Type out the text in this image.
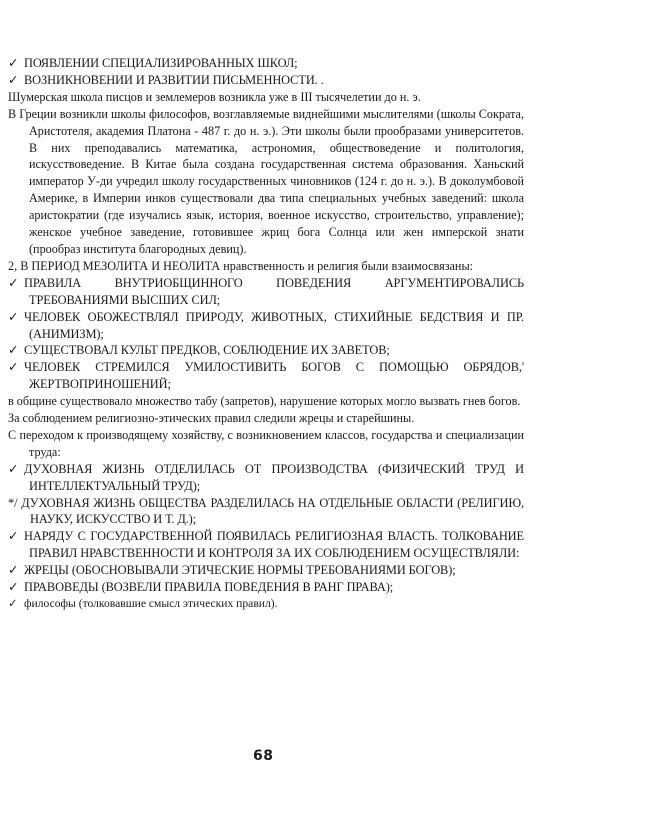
✓ ПОЯВЛЕНИИ СПЕЦИАЛИЗИРОВАННЫХ ШКОЛ;

✓ ВОЗНИКНОВЕНИИ И РАЗВИТИИ ПИСЬМЕННОСТИ. .

Шумерская школа писцов и землемеров возникла уже в III тысячелетии до н. э.

В Греции возникли школы философов, возглавляемые виднейшими мыслителями (школы Сократа, Аристотеля, академия Платона - 487 г. до н. э.). Эти школы были прообразами университетов. В них преподавались математика, астрономия, обществоведение и политология, искусствоведение. В Китае была создана государственная система образования. Ханьский император У-ди учредил школу государственных чиновников (124 г. до н. э.). В доколумбовой Америке, в Империи инков существовали два типа специальных учебных заведений: школа аристократии (где изучались язык, история, военное искусство, строительство, управление); женское учебное заведение, готовившее жриц бога Солнца или жен имперской знати (прообраз института благородных девиц).

2, В ПЕРИОД МЕЗОЛИТА И НЕОЛИТА нравственность и религия были взаимосвязаны:

✓ ПРАВИЛА ВНУТРИОБЩИННОГО ПОВЕДЕНИЯ АРГУМЕНТИРОВАЛИСЬ ТРЕБОВАНИЯМИ ВЫСШИХ СИЛ;

✓ ЧЕЛОВЕК ОБОЖЕСТВЛЯЛ ПРИРОДУ, ЖИВОТНЫХ, СТИХИЙНЫЕ БЕДСТВИЯ И ПР. (АНИМИЗМ);

✓ СУЩЕСТВОВАЛ КУЛЬТ ПРЕДКОВ, СОБЛЮДЕНИЕ ИХ ЗАВЕТОВ;

✓ ЧЕЛОВЕК СТРЕМИЛСЯ УМИЛОСТИВИТЬ БОГОВ С ПОМОЩЬЮ ОБРЯДОВ,' ЖЕРТВОПРИНОШЕНИЙ;

в общине существовало множество табу (запретов), нарушение которых могло вызвать гнев богов.

За соблюдением религиозно-этических правил следили жрецы и старейшины.

С переходом к производящему хозяйству, с возникновением классов, государства и специализации труда:

✓ ДУХОВНАЯ ЖИЗНЬ ОТДЕЛИЛАСЬ ОТ ПРОИЗВОДСТВА (ФИЗИЧЕСКИЙ ТРУД И ИНТЕЛЛЕКТУАЛЬНЫЙ ТРУД);

*/ ДУХОВНАЯ ЖИЗНЬ ОБЩЕСТВА РАЗДЕЛИЛАСЬ НА ОТДЕЛЬНЫЕ ОБЛАСТИ (РЕЛИГИЮ, НАУКУ, ИСКУССТВО И Т. Д.);

✓ НАРЯДУ С ГОСУДАРСТВЕННОЙ ПОЯВИЛАСЬ РЕЛИГИОЗНАЯ ВЛАСТЬ. ТОЛКОВАНИЕ ПРАВИЛ НРАВСТВЕННОСТИ И КОНТРОЛЯ ЗА ИХ СОБЛЮДЕНИЕМ ОСУЩЕСТВЛЯЛИ:

✓ ЖРЕЦЫ (ОБОСНОВЫВАЛИ ЭТИЧЕСКИЕ НОРМЫ ТРЕБОВАНИЯМИ БОГОВ);

✓ ПРАВОВЕДЫ (ВОЗВЕЛИ ПРАВИЛА ПОВЕДЕНИЯ В РАНГ ПРАВА);

✓ философы (толковавшие смысл этических правил).

68
